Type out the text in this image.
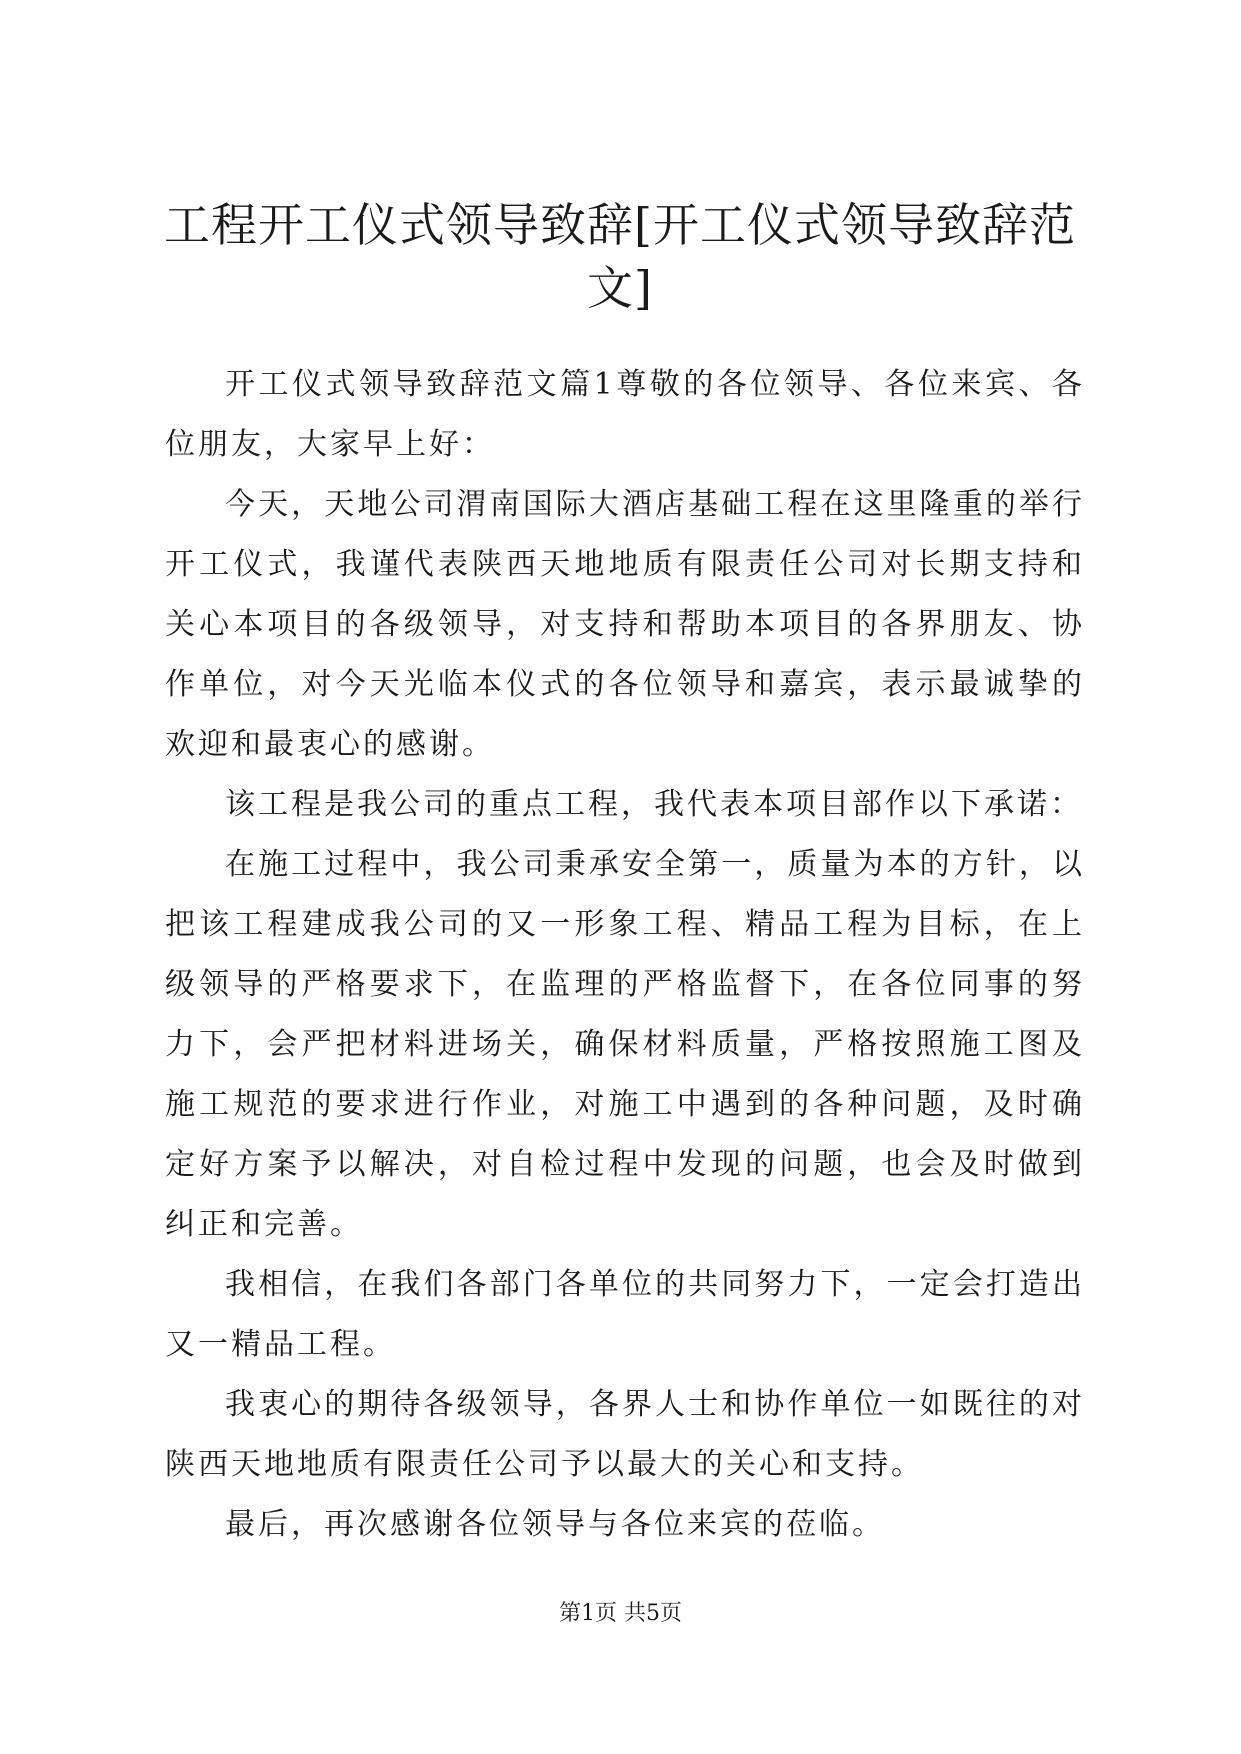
工程开工仪式领导致辞[开工仪式领导致辞范文]

开工仪式领导致辞范文篇1尊敬的各位领导、各位来宾、各位朋友，大家早上好：

今天，天地公司渭南国际大酒店基础工程在这里隆重的举行开工仪式，我谨代表陕西天地地质有限责任公司对长期支持和关心本项目的各级领导，对支持和帮助本项目的各界朋友、协作单位，对今天光临本仪式的各位领导和嘉宾，表示最诚挚的欢迎和最衷心的感谢。

该工程是我公司的重点工程，我代表本项目部作以下承诺：

在施工过程中，我公司秉承安全第一，质量为本的方针，以把该工程建成我公司的又一形象工程、精品工程为目标，在上级领导的严格要求下，在监理的严格监督下，在各位同事的努力下，会严把材料进场关，确保材料质量，严格按照施工图及施工规范的要求进行作业，对施工中遇到的各种问题，及时确定好方案予以解决，对自检过程中发现的问题，也会及时做到纠正和完善。

我相信，在我们各部门各单位的共同努力下，一定会打造出又一精品工程。

我衷心的期待各级领导，各界人士和协作单位一如既往的对陕西天地地质有限责任公司予以最大的关心和支持。

最后，再次感谢各位领导与各位来宾的莅临。

第1页 共5页
